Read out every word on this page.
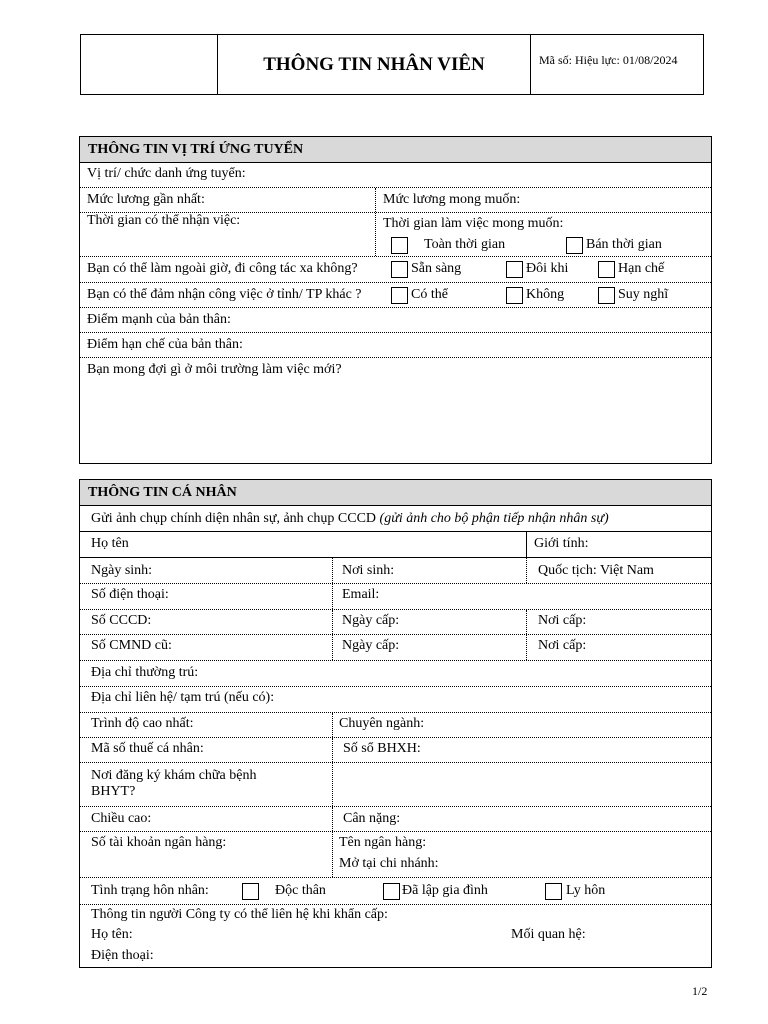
	THÔNG TIN NHÂN VIÊN	Mã số: Hiệu lực: 01/08/2024
THÔNG TIN VỊ TRÍ ỨNG TUYỂN
Vị trí/ chức danh ứng tuyển:
Mức lương gần nhất:	Mức lương mong muốn:
Thời gian có thể nhận việc:	Thời gian làm việc mong muốn:
Toàn thời gian	Bán thời gian
Bạn có thể làm ngoài giờ, đi công tác xa không?	Sẵn sàng	Đôi khi	Hạn chế
Bạn có thể đảm nhận công việc ở tỉnh/ TP khác ?	Có thể	Không	Suy nghĩ
Điểm mạnh của bản thân:
Điểm hạn chế của bản thân:
Bạn mong đợi gì ở môi trường làm việc mới?
THÔNG TIN CÁ NHÂN
Gửi ảnh chụp chính diện nhân sự, ảnh chụp CCCD (gửi ảnh cho bộ phận tiếp nhận nhân sự)
Họ tên	Giới tính:
Ngày sinh:	Nơi sinh:	Quốc tịch: Việt Nam
Số điện thoại:	Email:
Số CCCD:	Ngày cấp:	Nơi cấp:
Số CMND cũ:	Ngày cấp:	Nơi cấp:
Địa chỉ thường trú:
Địa chỉ liên hệ/ tạm trú (nếu có):
Trình độ cao nhất:	Chuyên ngành:
Mã số thuế cá nhân:	Số sổ BHXH:
Nơi đăng ký khám chữa bệnh
BHYT?
Chiều cao:	Cân nặng:
Số tài khoản ngân hàng:	Tên ngân hàng:
Mở tại chi nhánh:
Tình trạng hôn nhân:	Độc thân	Đã lập gia đình	Ly hôn
Thông tin người Công ty có thể liên hệ khi khẩn cấp:
Họ tên:	Mối quan hệ:
Điện thoại:
1/2
